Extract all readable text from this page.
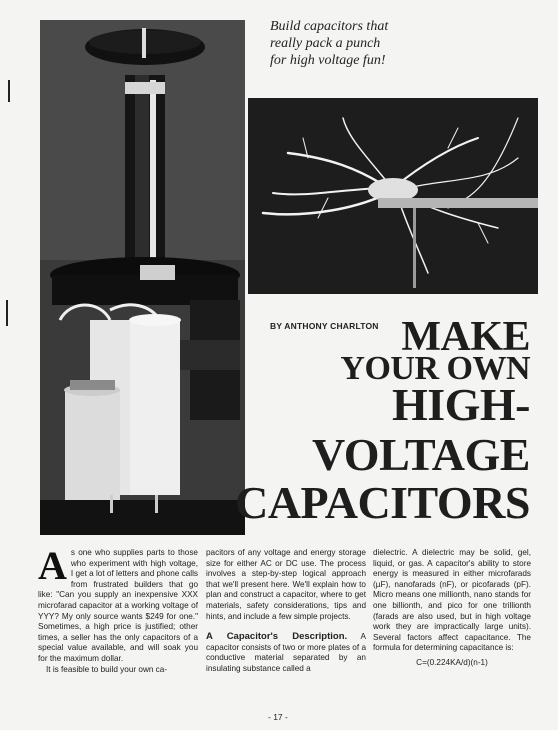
Build capacitors that
really pack a punch
for high voltage fun!
BY ANTHONY CHARLTON MAKE
YOUR OWN
HIGH-
VOLTAGE
CAPACITORS

As one who supplies parts to those who experiment with high voltage, I get a lot of letters and phone calls from frustrated builders that go like: "Can you supply an inexpensive XXX microfarad capacitor at a working voltage of YYY? My only source wants $249 for one." Sometimes, a high price is justified; other times, a seller has the only capacitors of a special value available, and will soak you for the maximum dollar.

It is feasible to build your own ca-

pacitors of any voltage and energy storage size for either AC or DC use. The process involves a step-by-step logical approach that we'll present here. We'll explain how to plan and construct a capacitor, where to get materials, safety considerations, tips and hints, and include a few simple projects.

A Capacitor's Description. A capacitor consists of two or more plates of a conductive material separated by an insulating substance called a

dielectric. A dielectric may be solid, gel, liquid, or gas. A capacitor's ability to store energy is measured in either microfarads (µF), nanofarads (nF), or picofarads (pF). Micro means one millionth, nano stands for one billionth, and pico for one trillionth (farads are also used, but in high voltage work they are impractically large units). Several factors affect capacitance. The formula for determining capacitance is:

C=(0.224KA/d)(n-1)

- 17 -
